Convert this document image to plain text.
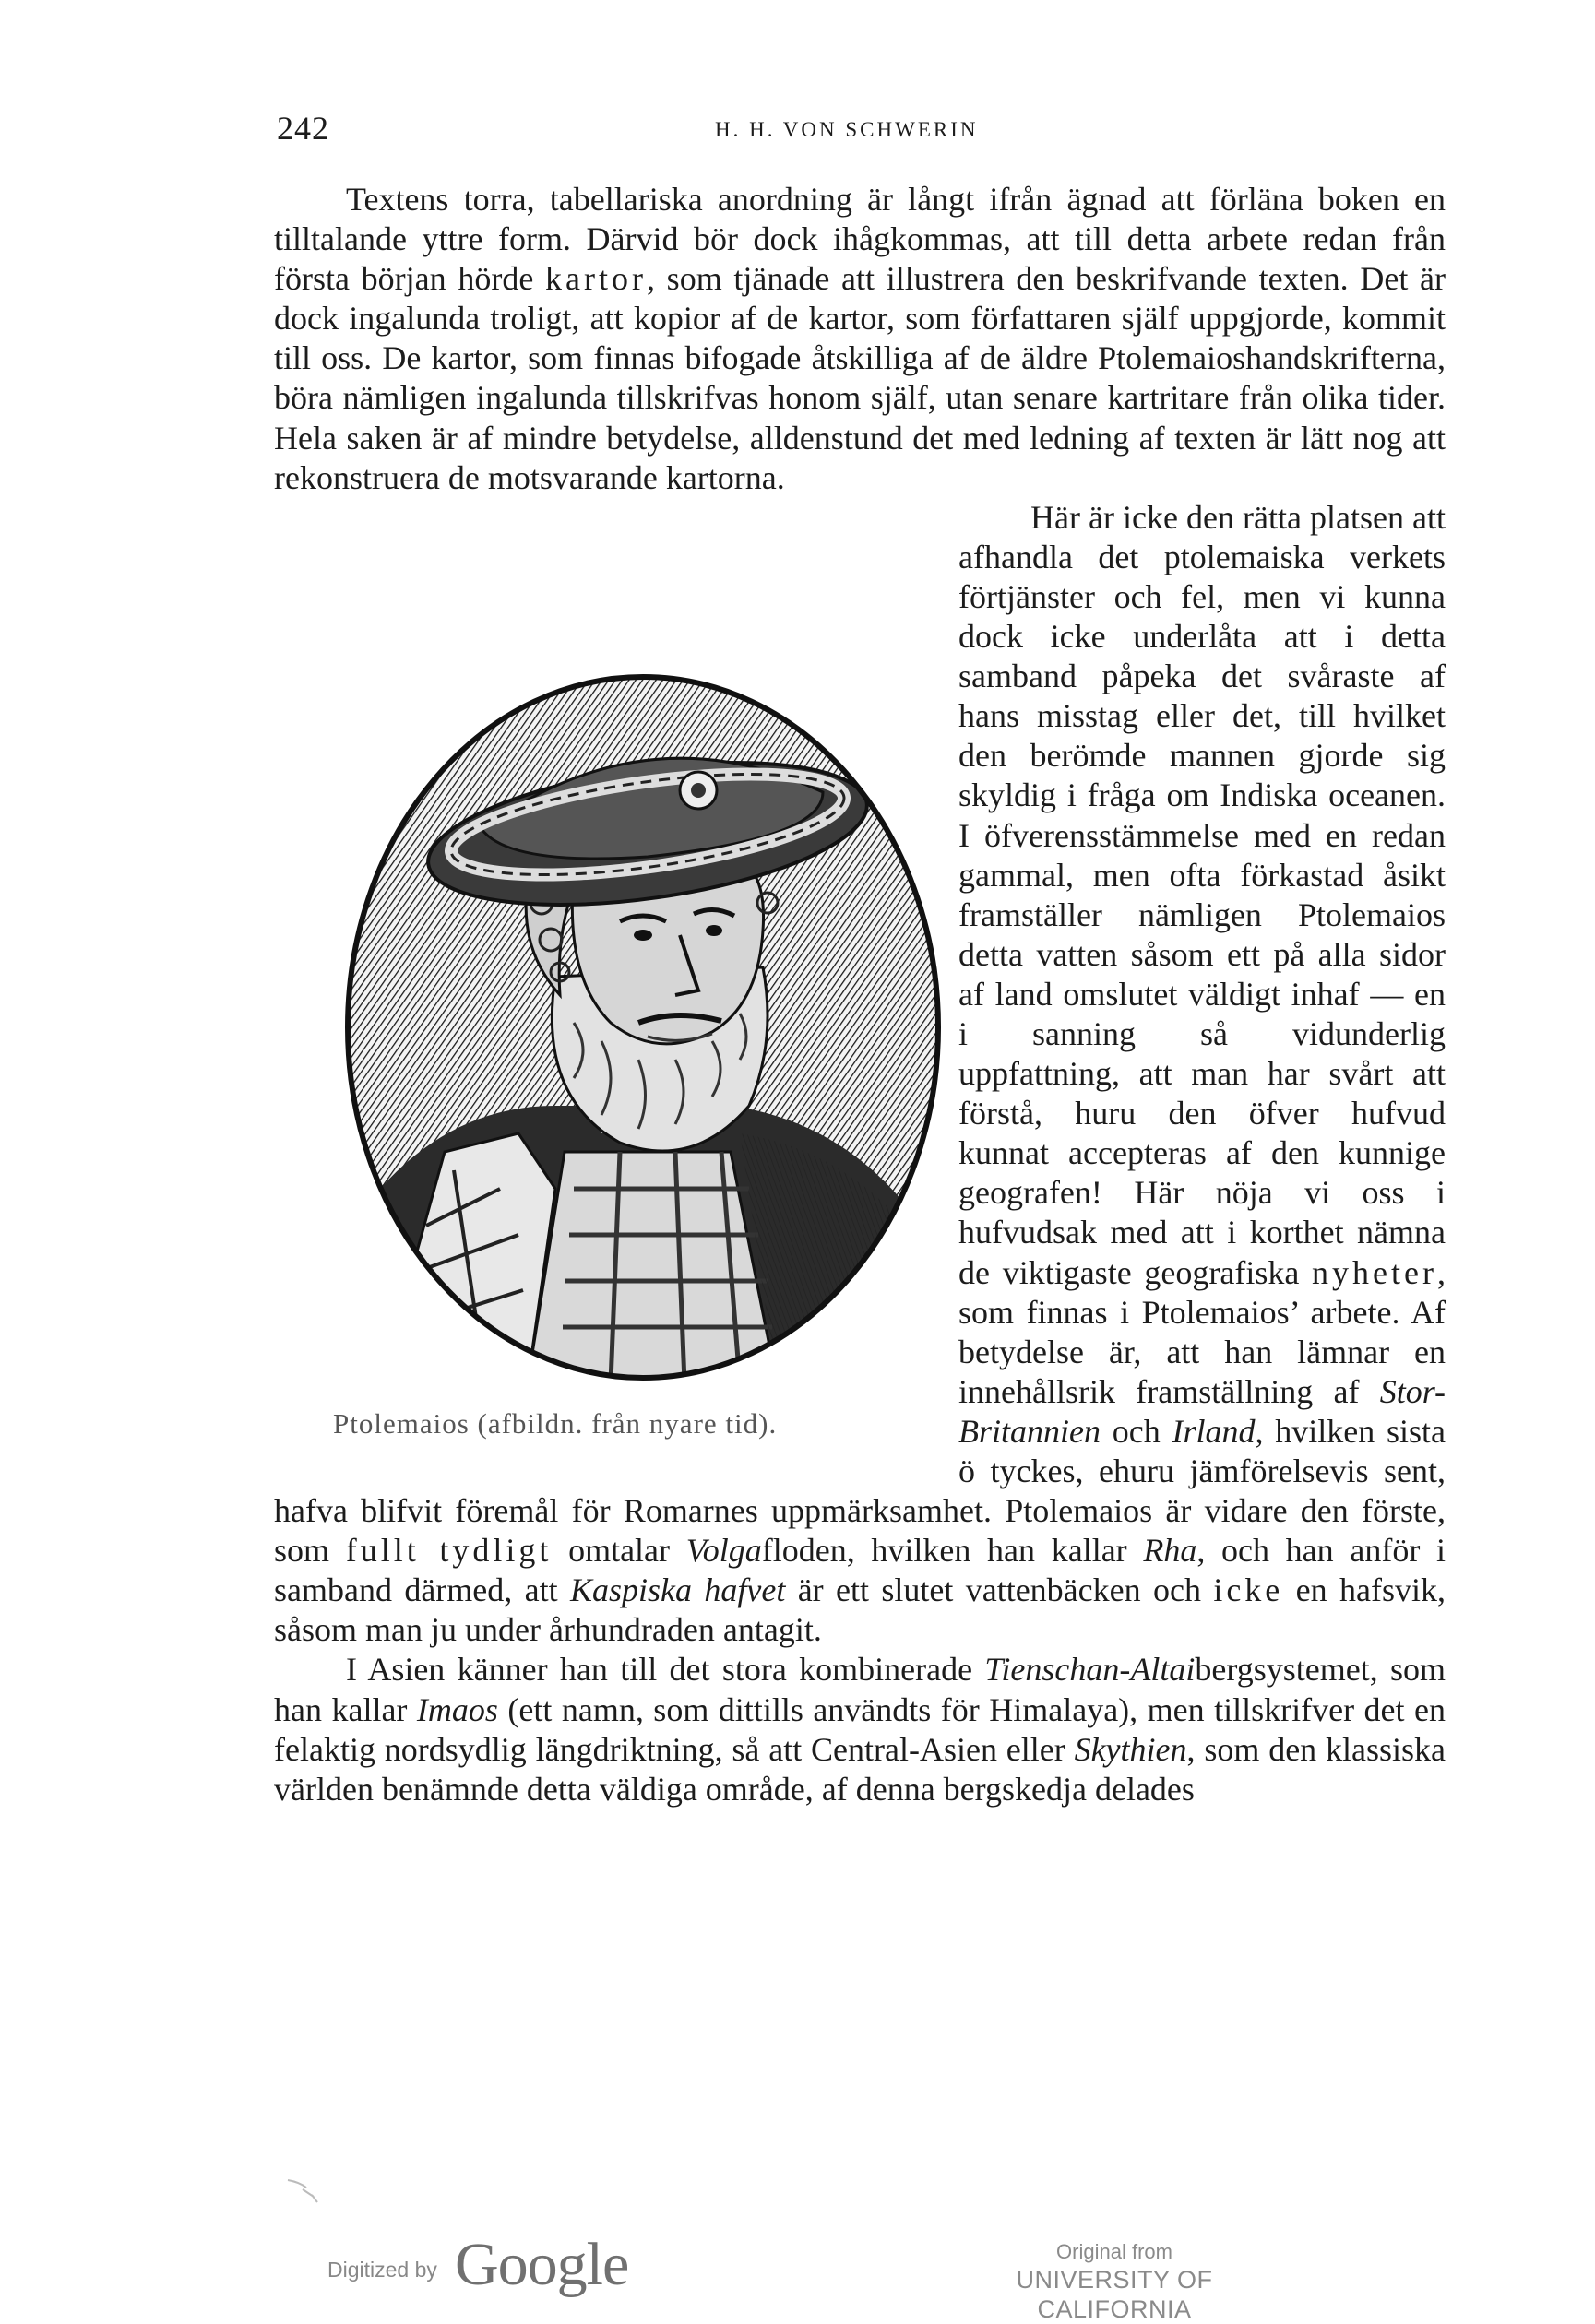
242	H. H. VON SCHWERIN

Textens torra, tabellariska anordning är långt ifrån ägnad att förläna boken en tilltalande yttre form. Därvid bör dock ihågkommas, att till detta arbete redan från första början hörde kartor, som tjänade att illustrera den beskrifvande texten. Det är dock ingalunda troligt, att kopior af de kartor, som författaren själf uppgjorde, kommit till oss. De kartor, som finnas bifogade åtskilliga af de äldre Ptolemaioshandskrifterna, böra nämligen ingalunda tillskrifvas honom själf, utan senare kartritare från olika tider. Hela saken är af mindre betydelse, alldenstund det med ledning af texten är lätt nog att rekonstruera de motsvarande kartorna.

Ptolemaios (afbildn. från nyare tid).

Här är icke den rätta platsen att afhandla det ptolemaiska verkets förtjänster och fel, men vi kunna dock icke underlåta att i detta samband påpeka det svåraste af hans misstag eller det, till hvilket den berömde mannen gjorde sig skyldig i fråga om Indiska oceanen. I öfverensstämmelse med en redan gammal, men ofta förkastad åsikt framställer nämligen Ptolemaios detta vatten såsom ett på alla sidor af land omslutet väldigt inhaf — en i sanning så vidunderlig uppfattning, att man har svårt att förstå, huru den öfver hufvud kunnat accepteras af den kunnige geografen! Här nöja vi oss i hufvudsak med att i korthet nämna de viktigaste geografiska nyheter, som finnas i Ptolemaios’ arbete. Af betydelse är, att han lämnar en innehållsrik framställning af Stor-Britannien och Irland, hvilken sista ö tyckes, ehuru jämförelsevis sent, hafva blifvit föremål för Romarnes uppmärksamhet. Ptolemaios är vidare den förste, som fullt tydligt omtalar Volgafloden, hvilken han kallar Rha, och han anför i samband därmed, att Kaspiska hafvet är ett slutet vattenbäcken och icke en hafsvik, såsom man ju under århundraden antagit.

I Asien känner han till det stora kombinerade Tienschan-Altaibergsystemet, som han kallar Imaos (ett namn, som dittills användts för Himalaya), men tillskrifver det en felaktig nordsydlig längdriktning, så att Central-Asien eller Skythien, som den klassiska världen benämnde detta väldiga område, af denna bergskedja delades

Digitized by Google	Original from
UNIVERSITY OF CALIFORNIA
